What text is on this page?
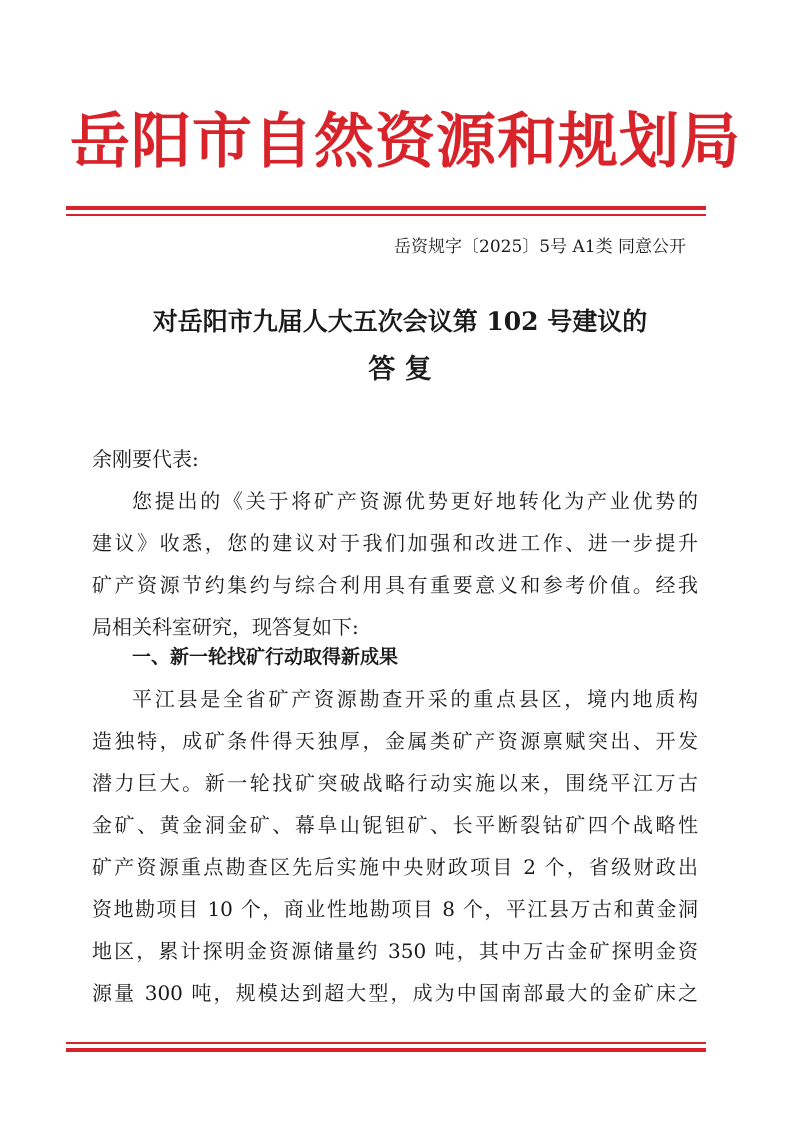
岳阳市自然资源和规划局
岳资规字〔2025〕5号 A1类 同意公开
对岳阳市九届人大五次会议第 102 号建议的
答 复
余刚要代表:
您提出的《关于将矿产资源优势更好地转化为产业优势的
建议》收悉，您的建议对于我们加强和改进工作、进一步提升
矿产资源节约集约与综合利用具有重要意义和参考价值。经我
局相关科室研究，现答复如下:
一、新一轮找矿行动取得新成果
平江县是全省矿产资源勘查开采的重点县区，境内地质构
造独特，成矿条件得天独厚，金属类矿产资源禀赋突出、开发
潜力巨大。新一轮找矿突破战略行动实施以来，围绕平江万古
金矿、黄金洞金矿、幕阜山铌钽矿、长平断裂钴矿四个战略性
矿产资源重点勘查区先后实施中央财政项目 2 个，省级财政出
资地勘项目 10 个，商业性地勘项目 8 个，平江县万古和黄金洞
地区，累计探明金资源储量约 350 吨，其中万古金矿探明金资
源量 300 吨，规模达到超大型，成为中国南部最大的金矿床之
